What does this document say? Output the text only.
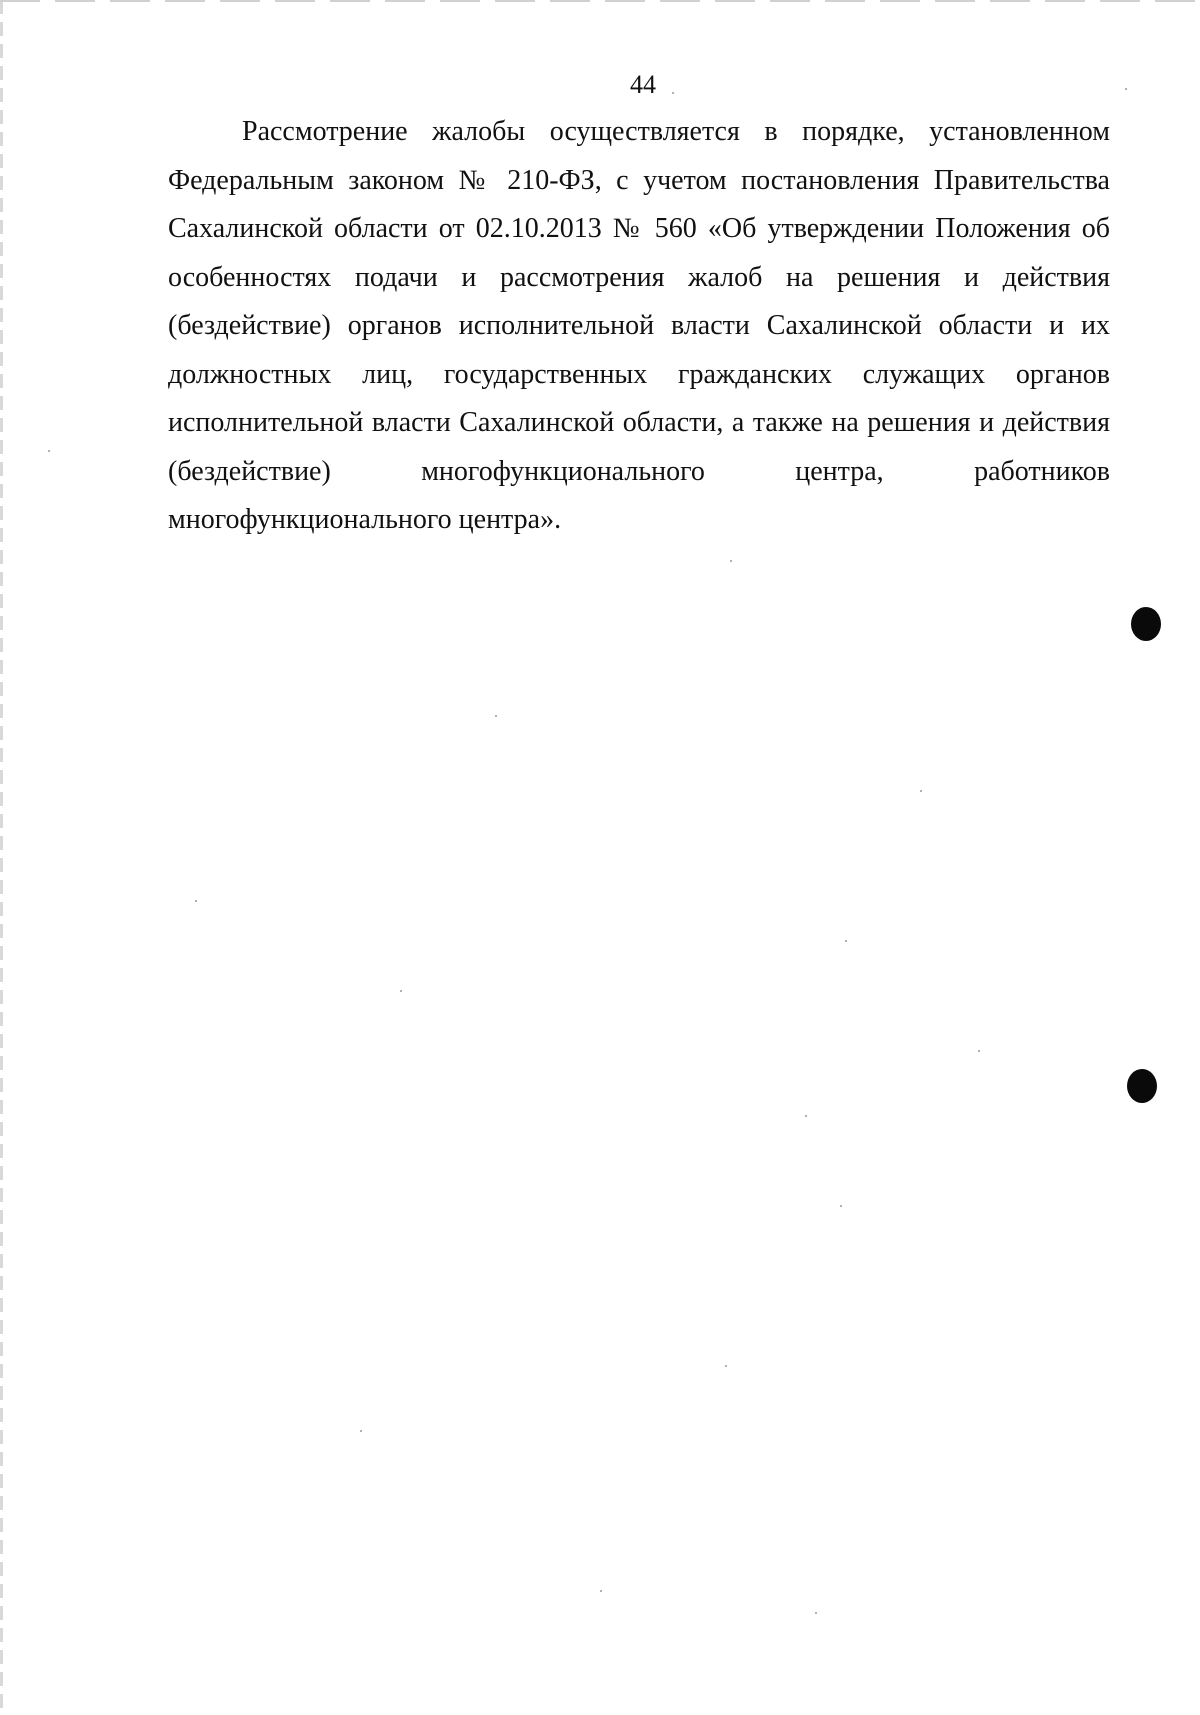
44

Рассмотрение жалобы осуществляется в порядке, установленном Федеральным законом № 210-ФЗ, с учетом постановления Правительства Сахалинской области от 02.10.2013 № 560 «Об утверждении Положения об особенностях подачи и рассмотрения жалоб на решения и действия (бездействие) органов исполнительной власти Сахалинской области и их должностных лиц, государственных гражданских служащих органов исполнительной власти Сахалинской области, а также на решения и действия (бездействие) многофункционального центра, работников многофункционального центра».
